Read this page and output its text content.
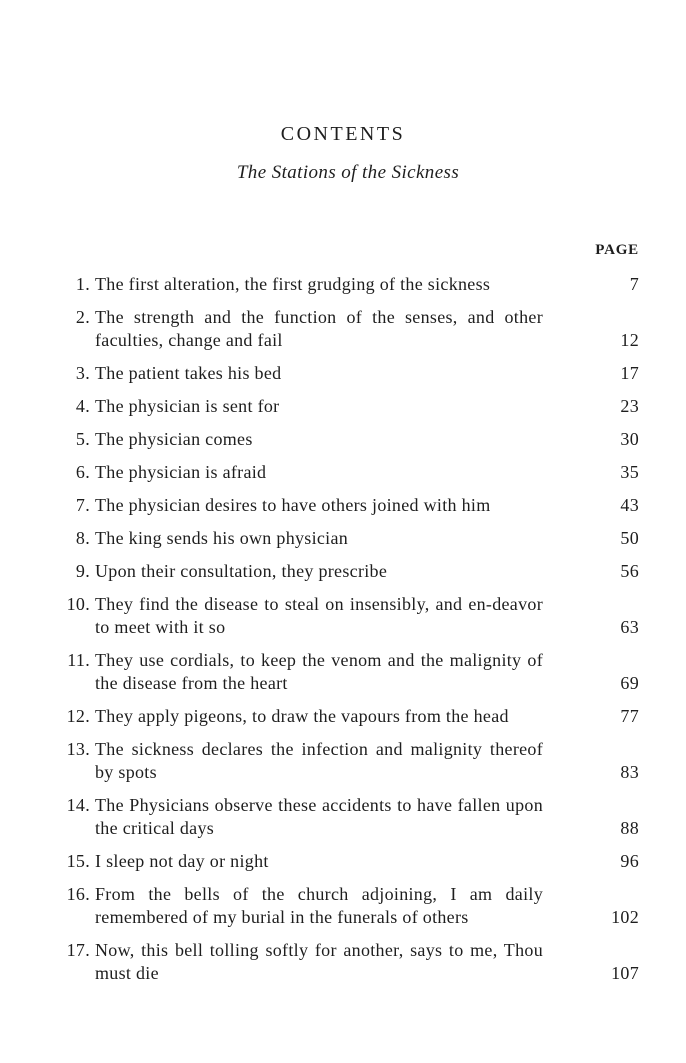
CONTENTS
The Stations of the Sickness
PAGE
1. The first alteration, the first grudging of the sickness	7
2. The strength and the function of the senses, and other faculties, change and fail	12
3. The patient takes his bed	17
4. The physician is sent for	23
5. The physician comes	30
6. The physician is afraid	35
7. The physician desires to have others joined with him	43
8. The king sends his own physician	50
9. Upon their consultation, they prescribe	56
10. They find the disease to steal on insensibly, and en-deavor to meet with it so	63
11. They use cordials, to keep the venom and the malignity of the disease from the heart	69
12. They apply pigeons, to draw the vapours from the head	77
13. The sickness declares the infection and malignity thereof by spots	83
14. The Physicians observe these accidents to have fallen upon the critical days	88
15. I sleep not day or night	96
16. From the bells of the church adjoining, I am daily remembered of my burial in the funerals of others	102
17. Now, this bell tolling softly for another, says to me, Thou must die	107
